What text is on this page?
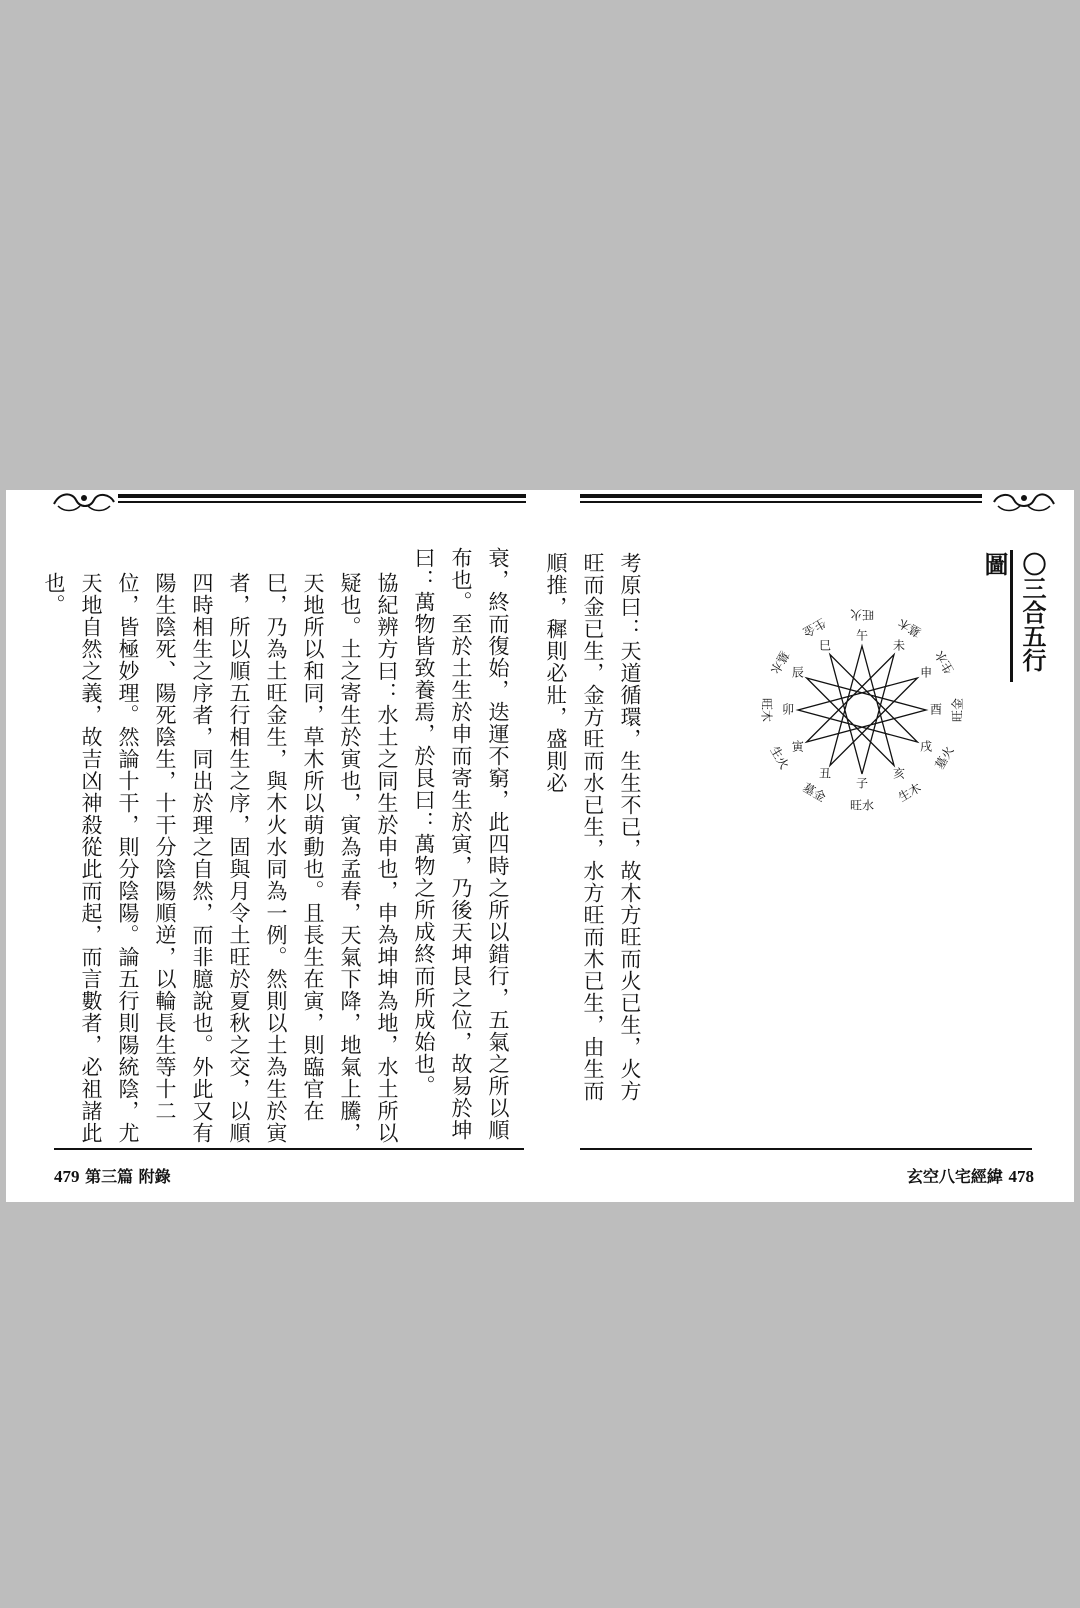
衰，終而復始，迭運不窮，此四時之所以錯行，五氣之所以順布也。至於土生於申而寄生於寅，乃後天坤艮之位，故易於坤曰：萬物皆致養焉，於艮曰：萬物之所成終而所成始也。

協紀辨方曰：水土之同生於申也，申為坤坤為地，水土所以疑也。土之寄生於寅也，寅為孟春，天氣下降，地氣上騰，天地所以和同，草木所以萌動也。且長生在寅，則臨官在巳，乃為土旺金生，與木火水同為一例。然則以土為生於寅者，所以順五行相生之序，固與月令土旺於夏秋之交，以順四時相生之序者，同出於理之自然，而非臆說也。外此又有陽生陰死、陽死陰生，十干分陰陽順逆，以輪長生等十二位，皆極妙理。然論十干，則分陰陽。論五行則陽統陰，尤天地自然之義，故吉凶神殺從此而起，而言數者，必祖諸此也。

479 第三篇 附錄
〇三合五行圖
子
丑
寅
卯
辰
巳
午
未
申
酉
戌
亥
旺水
墓金
生火
旺木
墓水
生金
旺火
墓木
生水
旺金
墓火
生木

考原曰：天道循環，生生不已，故木方旺而火已生，火方旺而金已生，金方旺而水已生，水方旺而木已生，由生而順推，穉則必壯，盛則必

玄空八宅經緯 478
